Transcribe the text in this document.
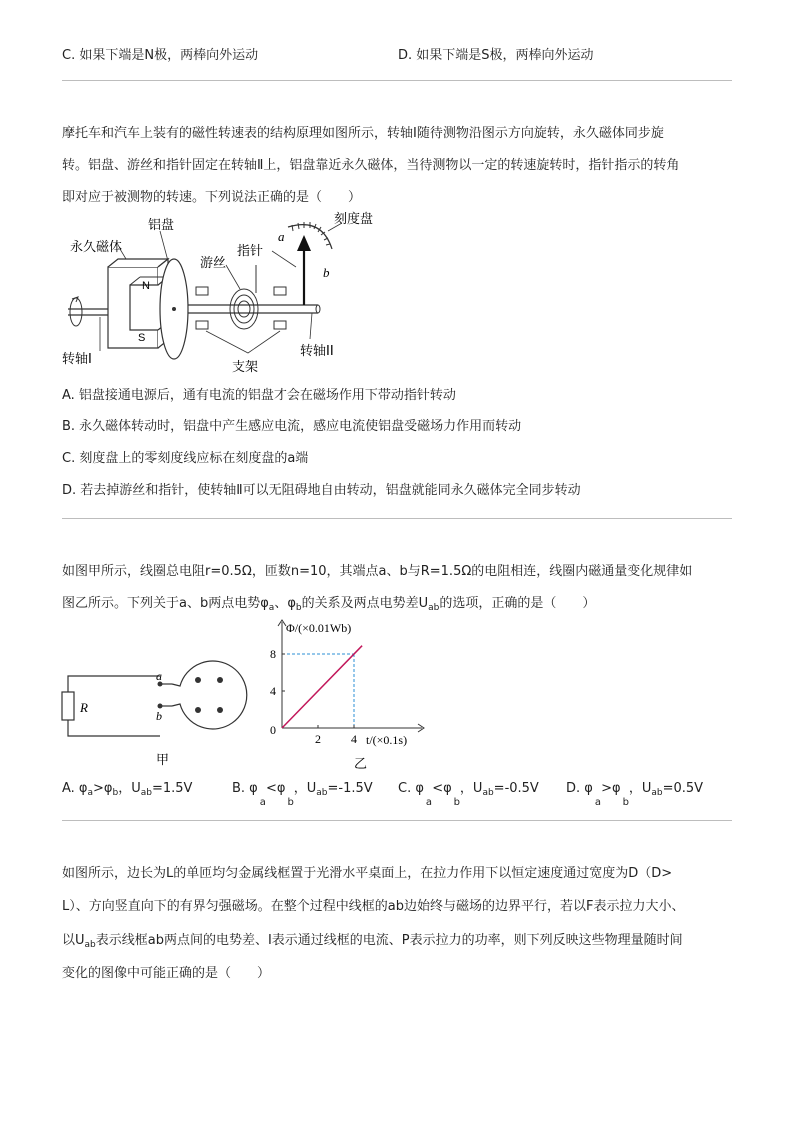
C. 如果下端是N极，两棒向外运动	D. 如果下端是S极，两棒向外运动
摩托车和汽车上装有的磁性转速表的结构原理如图所示，转轴Ⅰ随待测物沿图示方向旋转，永久磁体同步旋
转。铝盘、游丝和指针固定在转轴Ⅱ上，铝盘靠近永久磁体，当待测物以一定的转速旋转时，指针指示的转角
即对应于被测物的转速。下列说法正确的是（　　）
N
S
铝盘	刻度盘
永久磁体	指针
游丝
a
b
转轴I
转轴II
支架
A. 铝盘接通电源后，通有电流的铝盘才会在磁场作用下带动指针转动
B. 永久磁体转动时，铝盘中产生感应电流，感应电流使铝盘受磁场力作用而转动
C. 刻度盘上的零刻度线应标在刻度盘的a端
D. 若去掉游丝和指针，使转轴Ⅱ可以无阻碍地自由转动，铝盘就能同永久磁体完全同步转动
如图甲所示，线圈总电阻r=0.5Ω，匝数n=10，其端点a、b与R=1.5Ω的电阻相连，线圈内磁通量变化规律如
图乙所示。下列关于a、b两点电势$\varphi_a$、$\varphi_b$的关系及两点电势差$U_{ab}$的选项，正确的是（　　）
R
a
b
甲
Φ/(×0.01Wb)
t/(×0.1s)
0
4
8
2	4
乙
A. $\varphi_a>\varphi_b$，$U_{ab}=1.5V$	B. φ
a
<φ
b
，$U_{ab}=-1.5V$ C. φ
a
<φ
b
，$U_{ab}=-0.5V$ D. φ
a
>φ
b
，$U_{ab}=0.5V$
如图所示，边长为L的单匝均匀金属线框置于光滑水平桌面上，在拉力作用下以恒定速度通过宽度为D（D>
L）、方向竖直向下的有界匀强磁场。在整个过程中线框的ab边始终与磁场的边界平行，若以F表示拉力大小、
以$U_{ab}$表示线框ab两点间的电势差、I表示通过线框的电流、P表示拉力的功率，则下列反映这些物理量随时间
变化的图像中可能正确的是（　　）
